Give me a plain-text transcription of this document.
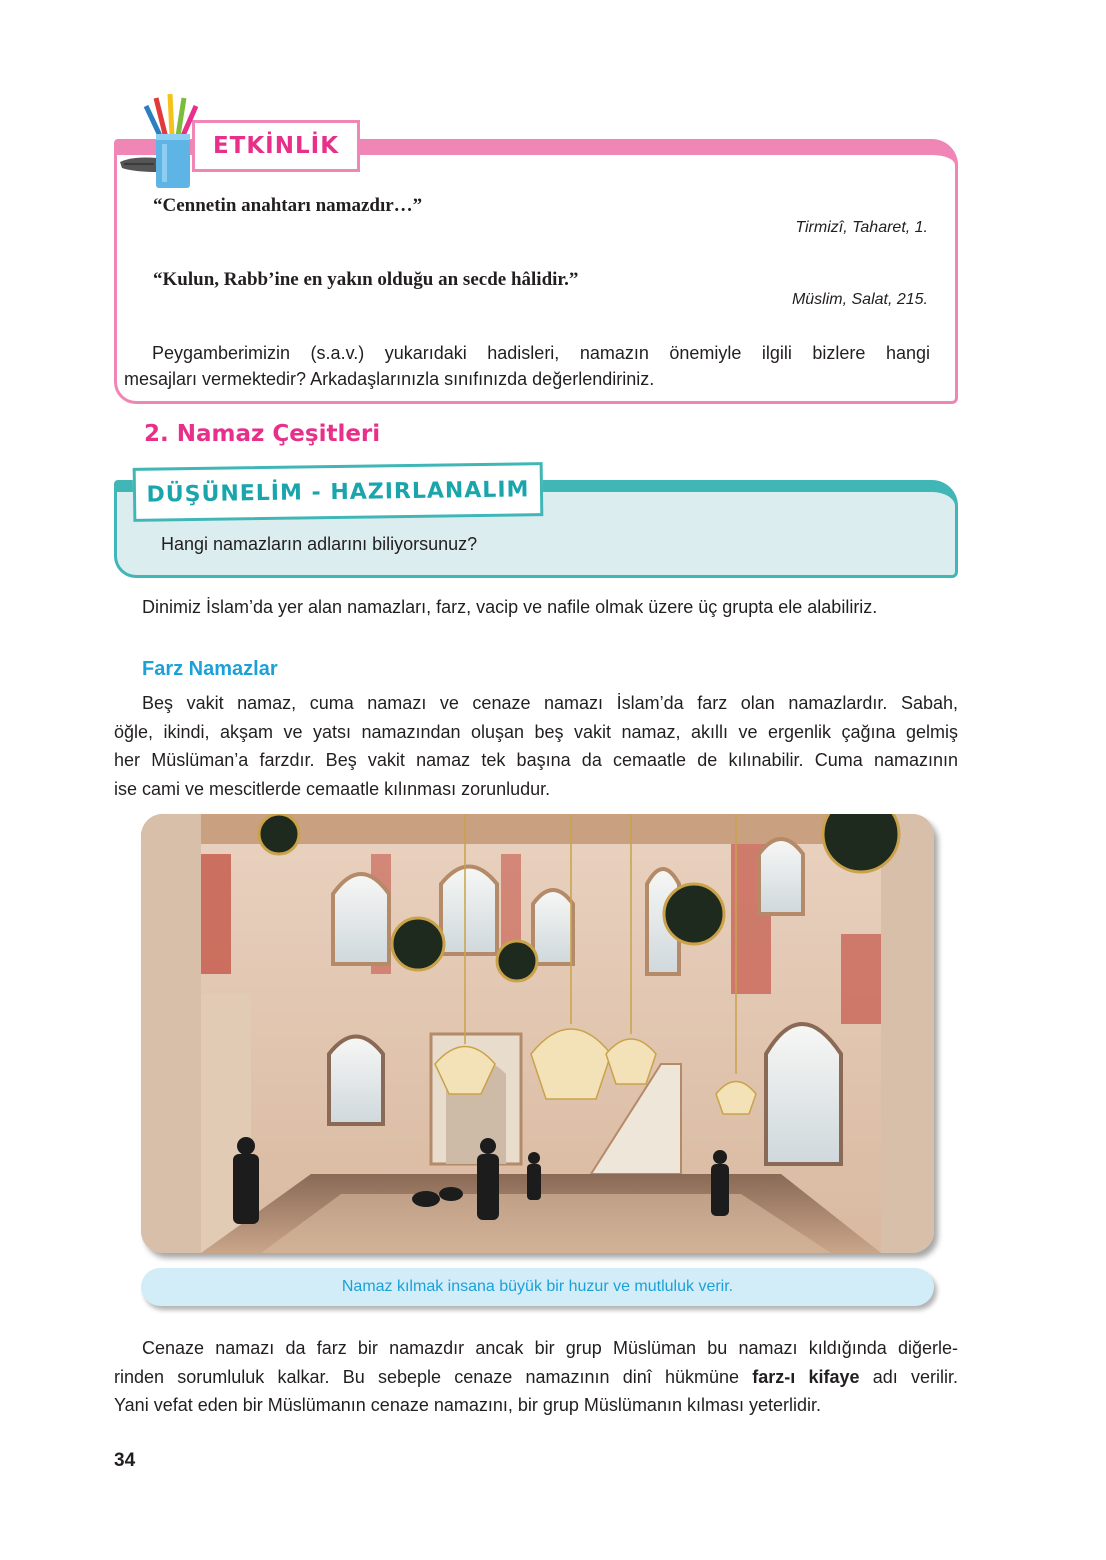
ETKİNLİK
“Cennetin anahtarı namazdır…”
Tirmizî, Taharet, 1.
“Kulun, Rabb’ine en yakın olduğu an secde hâlidir.”
Müslim, Salat, 215.
Peygamberimizin (s.a.v.) yukarıdaki hadisleri, namazın önemiyle ilgili bizlere hangi
mesajları vermektedir? Arkadaşlarınızla sınıfınızda değerlendiriniz.
2. Namaz Çeşitleri
DÜŞÜNELİM - HAZIRLANALIM
Hangi namazların adlarını biliyorsunuz?
Dinimiz İslam’da yer alan namazları, farz, vacip ve nafile olmak üzere üç grupta ele alabiliriz.
Farz Namazlar
Beş vakit namaz, cuma namazı ve cenaze namazı İslam’da farz olan namazlardır. Sabah,
öğle, ikindi, akşam ve yatsı namazından oluşan beş vakit namaz, akıllı ve ergenlik çağına gelmiş
her Müslüman’a farzdır. Beş vakit namaz tek başına da cemaatle de kılınabilir. Cuma namazının
ise cami ve mescitlerde cemaatle kılınması zorunludur.
Namaz kılmak insana büyük bir huzur ve mutluluk verir.
Cenaze namazı da farz bir namazdır ancak bir grup Müslüman bu namazı kıldığında diğerle-
rinden sorumluluk kalkar. Bu sebeple cenaze namazının dinî hükmüne farz-ı kifaye adı verilir.
Yani vefat eden bir Müslümanın cenaze namazını, bir grup Müslümanın kılması yeterlidir.
34
